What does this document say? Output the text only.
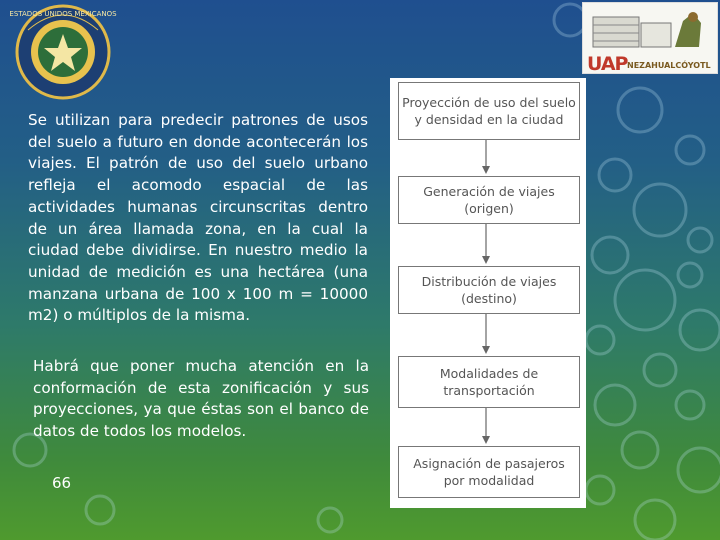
ESTADOS UNIDOS MEXICANOS
UAP NEZAHUALCÓYOTL

Se utilizan para predecir patrones de usos del suelo a futuro en donde acontecerán los viajes. El patrón de uso del suelo urbano refleja el acomodo espacial de las actividades humanas circunscritas dentro de un área llamada zona, en la cual la ciudad debe dividirse. En nuestro medio la unidad de medición es una hectárea (una manzana urbana de 100 x 100 m = 10000 m2) o múltiplos de la misma.

Habrá que poner mucha atención en la conformación de esta zonificación y sus proyecciones, ya que éstas son el banco de datos de todos los modelos.

66
Proyección de uso del suelo
y densidad en la ciudad
Generación de viajes
(origen)
Distribución de viajes
(destino)
Modalidades de
transportación
Asignación de pasajeros
por modalidad
